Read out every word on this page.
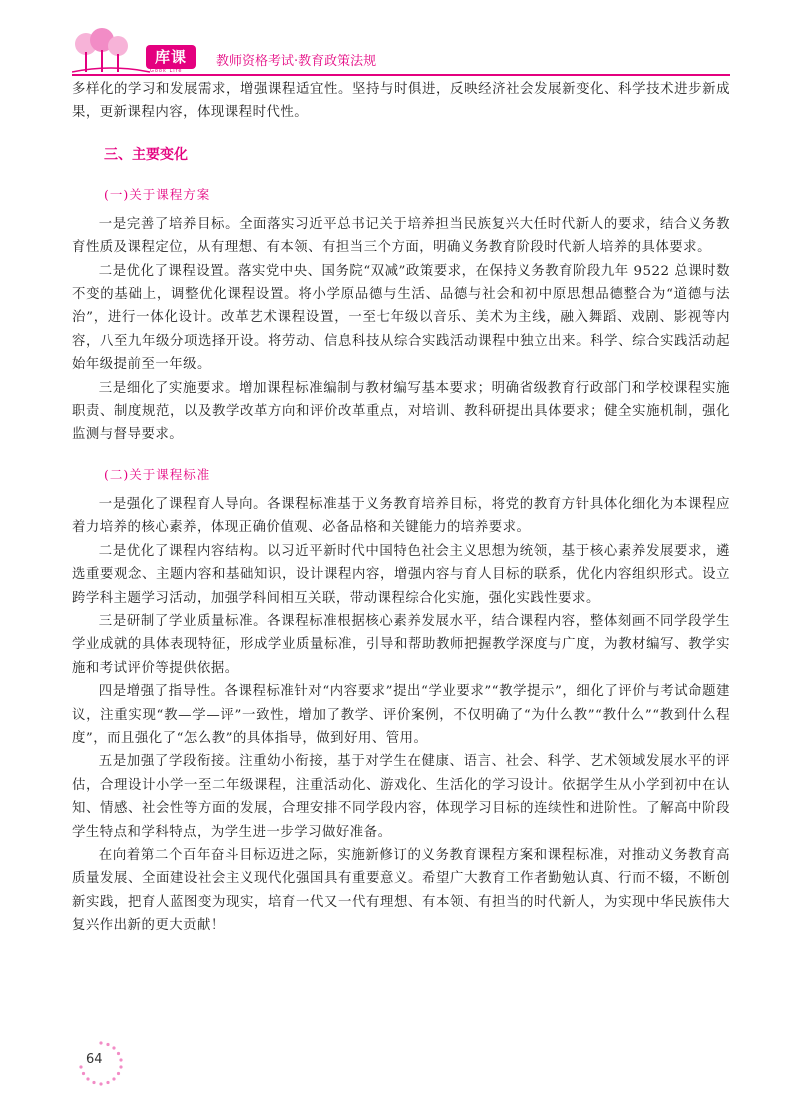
库课
Gook Life
教师资格考试·教育政策法规

多样化的学习和发展需求，增强课程适宜性。坚持与时俱进，反映经济社会发展新变化、科学技术进步新成果，更新课程内容，体现课程时代性。

三、主要变化
(一)关于课程方案

一是完善了培养目标。全面落实习近平总书记关于培养担当民族复兴大任时代新人的要求，结合义务教育性质及课程定位，从有理想、有本领、有担当三个方面，明确义务教育阶段时代新人培养的具体要求。

二是优化了课程设置。落实党中央、国务院“双减”政策要求，在保持义务教育阶段九年 9522 总课时数不变的基础上，调整优化课程设置。将小学原品德与生活、品德与社会和初中原思想品德整合为“道德与法治”，进行一体化设计。改革艺术课程设置，一至七年级以音乐、美术为主线，融入舞蹈、戏剧、影视等内容，八至九年级分项选择开设。将劳动、信息科技从综合实践活动课程中独立出来。科学、综合实践活动起始年级提前至一年级。

三是细化了实施要求。增加课程标准编制与教材编写基本要求；明确省级教育行政部门和学校课程实施职责、制度规范，以及教学改革方向和评价改革重点，对培训、教科研提出具体要求；健全实施机制，强化监测与督导要求。

(二)关于课程标准

一是强化了课程育人导向。各课程标准基于义务教育培养目标，将党的教育方针具体化细化为本课程应着力培养的核心素养，体现正确价值观、必备品格和关键能力的培养要求。

二是优化了课程内容结构。以习近平新时代中国特色社会主义思想为统领，基于核心素养发展要求，遴选重要观念、主题内容和基础知识，设计课程内容，增强内容与育人目标的联系，优化内容组织形式。设立跨学科主题学习活动，加强学科间相互关联，带动课程综合化实施，强化实践性要求。

三是研制了学业质量标准。各课程标准根据核心素养发展水平，结合课程内容，整体刻画不同学段学生学业成就的具体表现特征，形成学业质量标准，引导和帮助教师把握教学深度与广度，为教材编写、教学实施和考试评价等提供依据。

四是增强了指导性。各课程标准针对“内容要求”提出“学业要求”“教学提示”，细化了评价与考试命题建议，注重实现“教—学—评”一致性，增加了教学、评价案例，不仅明确了“为什么教”“教什么”“教到什么程度”，而且强化了“怎么教”的具体指导，做到好用、管用。

五是加强了学段衔接。注重幼小衔接，基于对学生在健康、语言、社会、科学、艺术领域发展水平的评估，合理设计小学一至二年级课程，注重活动化、游戏化、生活化的学习设计。依据学生从小学到初中在认知、情感、社会性等方面的发展，合理安排不同学段内容，体现学习目标的连续性和进阶性。了解高中阶段学生特点和学科特点，为学生进一步学习做好准备。

在向着第二个百年奋斗目标迈进之际，实施新修订的义务教育课程方案和课程标准，对推动义务教育高质量发展、全面建设社会主义现代化强国具有重要意义。希望广大教育工作者勤勉认真、行而不辍，不断创新实践，把育人蓝图变为现实，培育一代又一代有理想、有本领、有担当的时代新人，为实现中华民族伟大复兴作出新的更大贡献！

64
